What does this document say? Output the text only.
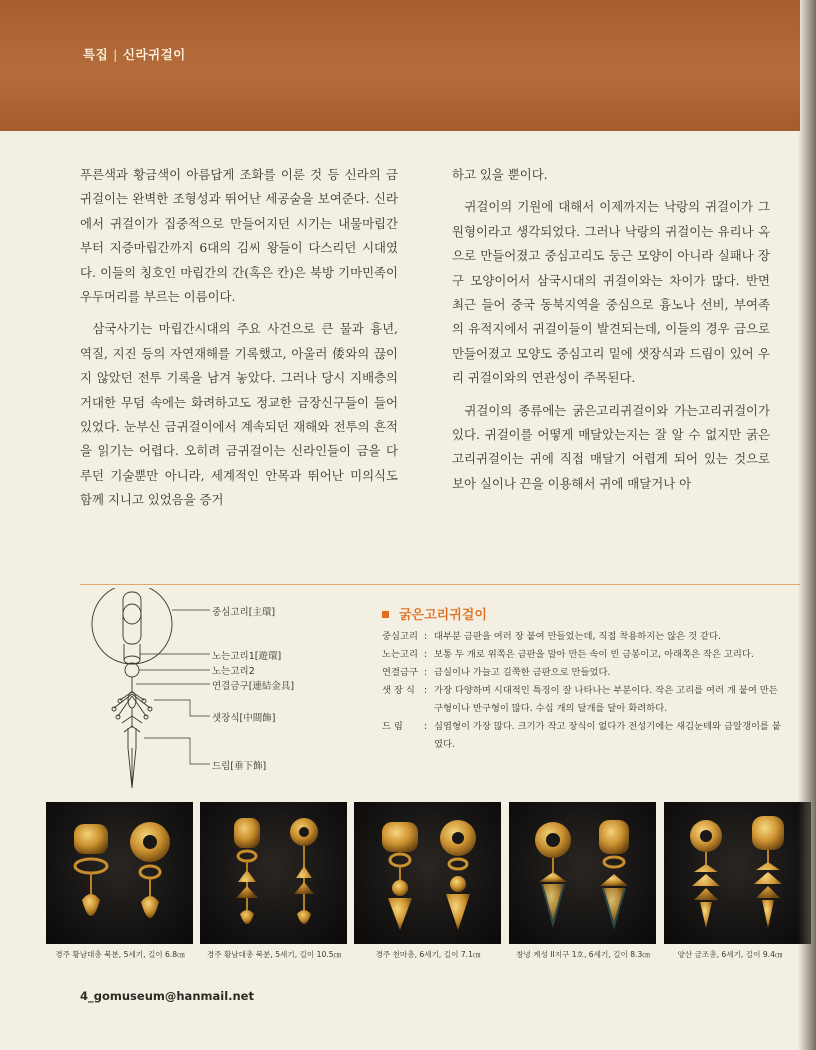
특집 | 신라귀걸이

푸른색과 황금색이 아름답게 조화를 이룬 것 등 신라의 금귀걸이는 완벽한 조형성과 뛰어난 세공술을 보여준다. 신라에서 귀걸이가 집중적으로 만들어지던 시기는 내물마립간부터 지증마립간까지 6대의 김씨 왕들이 다스리던 시대였다. 이들의 칭호인 마립간의 간(혹은 칸)은 북방 기마민족이 우두머리를 부르는 이름이다.

삼국사기는 마립간시대의 주요 사건으로 큰 물과 흉년, 역질, 지진 등의 자연재해를 기록했고, 아울러 倭와의 끊이지 않았던 전투 기록을 남겨 놓았다. 그러나 당시 지배층의 거대한 무덤 속에는 화려하고도 정교한 금장신구들이 들어 있었다. 눈부신 금귀걸이에서 계속되던 재해와 전투의 흔적을 읽기는 어렵다. 오히려 금귀걸이는 신라인들이 금을 다루던 기술뿐만 아니라, 세계적인 안목과 뛰어난 미의식도 함께 지니고 있었음을 증거

하고 있을 뿐이다.

귀걸이의 기원에 대해서 이제까지는 낙랑의 귀걸이가 그 원형이라고 생각되었다. 그러나 낙랑의 귀걸이는 유리나 옥으로 만들어졌고 중심고리도 둥근 모양이 아니라 실패나 장구 모양이어서 삼국시대의 귀걸이와는 차이가 많다. 반면 최근 들어 중국 동북지역을 중심으로 흉노나 선비, 부여족의 유적지에서 귀걸이들이 발견되는데, 이들의 경우 금으로 만들어졌고 모양도 중심고리 밑에 샛장식과 드림이 있어 우리 귀걸이와의 연관성이 주목된다.

귀걸이의 종류에는 굵은고리귀걸이와 가는고리귀걸이가 있다. 귀걸이를 어떻게 매달았는지는 잘 알 수 없지만 굵은고리귀걸이는 귀에 직접 매달기 어렵게 되어 있는 것으로 보아 실이나 끈을 이용해서 귀에 매달거나 아

중심고리[主環]
노는고리1[遊環]
노는고리2
연결금구[連結金具]
샛장식[中間飾]
드림[垂下飾]
굵은고리귀걸이
중심고리 : 대부분 금판을 여러 장 붙여 만들었는데, 직접 착용하지는 않은 것 같다.
노는고리 : 보통 두 개로 위쪽은 금판을 말아 만든 속이 빈 금봉이고, 아래쪽은 작은 고리다.
연결금구 : 금실이나 가늘고 길쭉한 금판으로 만들었다.
샛 장 식 : 가장 다양하며 시대적인 특징이 잘 나타나는 부분이다. 작은 고리를 여러 개 붙여 만든 구형이나 반구형이 많다. 수십 개의 달개를 달아 화려하다.
드 림	: 심엽형이 가장 많다. 크기가 작고 장식이 없다가 전성기에는 새김눈테와 금알갱이를 붙였다.
경주 황남대총 북분, 5세기, 길이 6.8㎝	경주 황남대총 북분, 5세기, 길이 10.5㎝	경주 천마총, 6세기, 길이 7.1㎝	창녕 계성 II지구 1호, 6세기, 길이 8.3㎝	양산 금조총, 6세기, 길이 9.4㎝
4_gomuseum@hanmail.net
